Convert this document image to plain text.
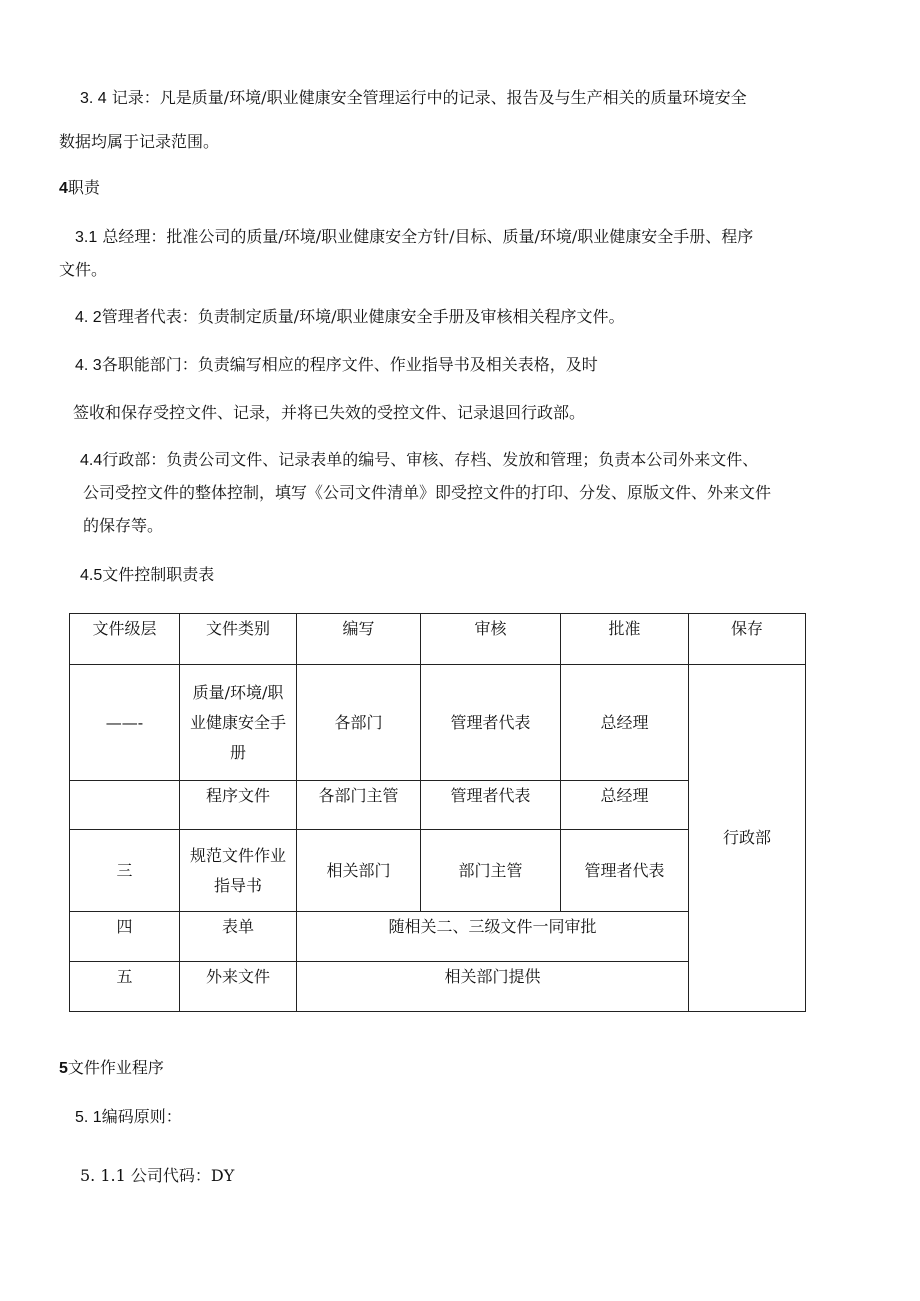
3. 4 记录：凡是质量/环境/职业健康安全管理运行中的记录、报告及与生产相关的质量环境安全
数据均属于记录范围。
4职责
3.1 总经理：批准公司的质量/环境/职业健康安全方针/目标、质量/环境/职业健康安全手册、程序
文件。
4. 2管理者代表：负责制定质量/环境/职业健康安全手册及审核相关程序文件。
4. 3各职能部门：负责编写相应的程序文件、作业指导书及相关表格，及时
签收和保存受控文件、记录，并将已失效的受控文件、记录退回行政部。
4.4行政部：负责公司文件、记录表单的编号、审核、存档、发放和管理；负责本公司外来文件、
公司受控文件的整体控制，填写《公司文件清单》即受控文件的打印、分发、原版文件、外来文件
的保存等。
4.5文件控制职责表
文件级层	文件类别	编写	审核	批准	保存
——-	质量/环境/职
业健康安全手
册	各部门	管理者代表	总经理	行政部
	程序文件	各部门主管	管理者代表	总经理	
三	规范文件作业
指导书	相关部门	部门主管	管理者代表	
四	表单	随相关二、三级文件一同审批			
五	外来文件	相关部门提供			
5文件作业程序
5. 1编码原则：
5. 1.1 公司代码：DY
